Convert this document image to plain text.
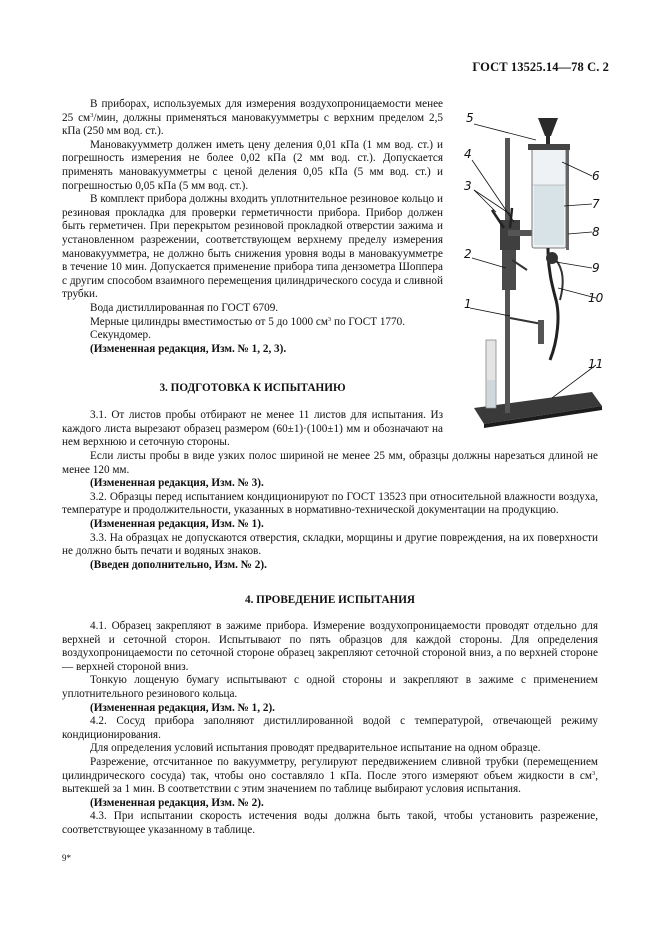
ГОСТ 13525.14—78 С. 2

В приборах, используемых для измерения воздухопроницаемости менее 25 $см^3$/мин, должны применяться мановакуумметры с верхним пределом 2,5 кПа (250 мм вод. ст.).

Мановакуумметр должен иметь цену деления 0,01 кПа (1 мм вод. ст.) и погрешность измерения не более 0,02 кПа (2 мм вод. ст.). Допускается применять мановакуумметры с ценой деления 0,05 кПа (5 мм вод. ст.) и погрешностью 0,05 кПа (5 мм вод. ст.).

В комплект прибора должны входить уплотнительное резиновое кольцо и резиновая прокладка для проверки герметичности прибора. Прибор должен быть герметичен. При перекрытом резиновой прокладкой отверстии зажима и установленном разрежении, соответствующем верхнему пределу измерения мановакуумметра, не должно быть снижения уровня воды в мановакуумметре в течение 10 мин. Допускается применение прибора типа дензометра Шоппера с другим способом взаимного перемещения цилиндрического сосуда и сливной трубки.

Вода дистиллированная по ГОСТ 6709.

Мерные цилиндры вместимостью от 5 до 1000 $см^3$ по ГОСТ 1770.

Секундомер.

(Измененная редакция, Изм. № 1, 2, 3).

3. ПОДГОТОВКА К ИСПЫТАНИЮ

3.1. От листов пробы отбирают не менее 11 листов для испытания. Из каждого листа вырезают образец размером (60±1)·(100±1) мм и обозначают на нем верхнюю и сеточную стороны.

Если листы пробы в виде узких полос шириной не менее 25 мм, образцы должны нарезаться длиной не менее 120 мм.

(Измененная редакция, Изм. № 3).

3.2. Образцы перед испытанием кондиционируют по ГОСТ 13523 при относительной влажности воздуха, температуре и продолжительности, указанных в нормативно-технической документации на продукцию.

(Измененная редакция, Изм. № 1).

3.3. На образцах не допускаются отверстия, складки, морщины и другие повреждения, на их поверхности не должно быть печати и водяных знаков.

(Введен дополнительно, Изм. № 2).

4. ПРОВЕДЕНИЕ ИСПЫТАНИЯ

4.1. Образец закрепляют в зажиме прибора. Измерение воздухопроницаемости проводят отдельно для верхней и сеточной сторон. Испытывают по пять образцов для каждой стороны. Для определения воздухопроницаемости по сеточной стороне образец закрепляют сеточной стороной вниз, а по верхней стороне — верхней стороной вниз.

Тонкую лощеную бумагу испытывают с одной стороны и закрепляют в зажиме с применением уплотнительного резинового кольца.

(Измененная редакция, Изм. № 1, 2).

4.2. Сосуд прибора заполняют дистиллированной водой с температурой, отвечающей режиму кондиционирования.

Для определения условий испытания проводят предварительное испытание на одном образце.

Разрежение, отсчитанное по вакуумметру, регулируют передвижением сливной трубки (перемещением цилиндрического сосуда) так, чтобы оно составляло 1 кПа. После этого измеряют объем жидкости в $см^3$, вытекшей за 1 мин. В соответствии с этим значением по таблице выбирают условия испытания.

(Измененная редакция, Изм. № 2).

4.3. При испытании скорость истечения воды должна быть такой, чтобы установить разрежение, соответствующее указанному в таблице.

9*
5
4
3
2
1
6
7
8
9
10
11
